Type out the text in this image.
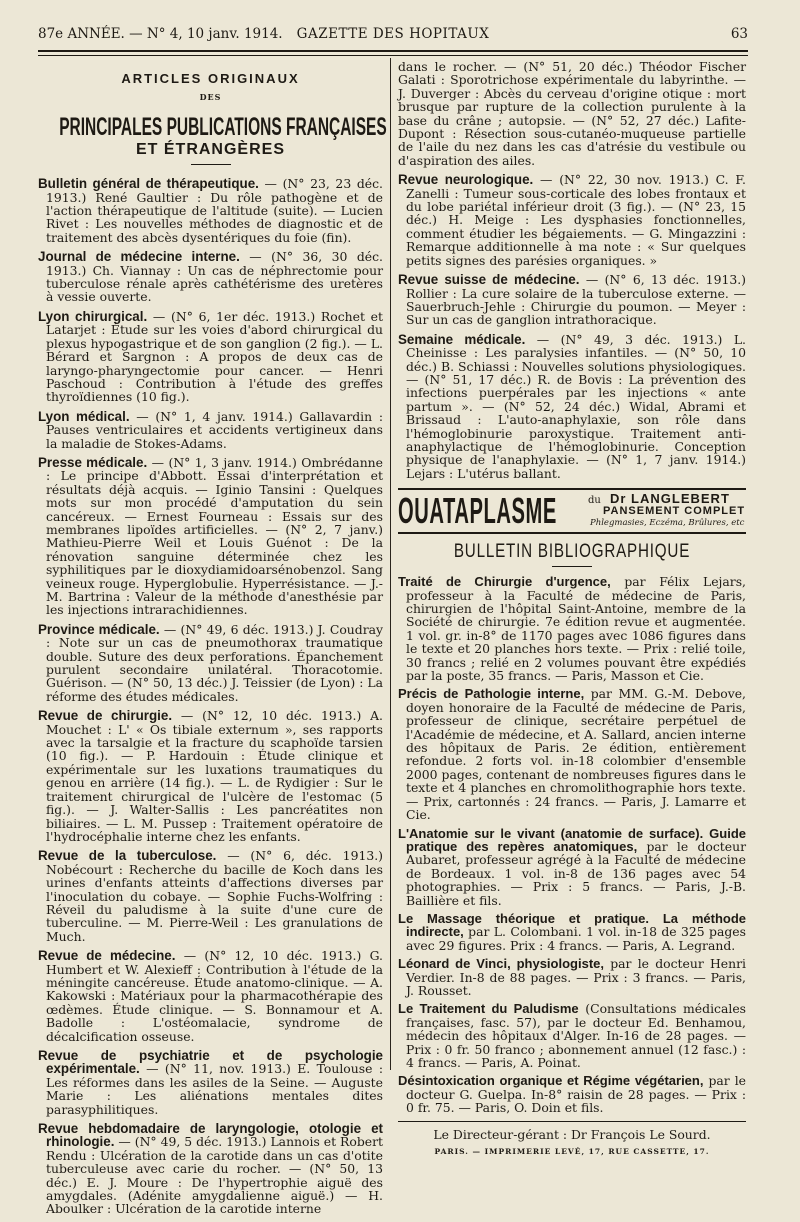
87e ANNÉE. — N° 4, 10 janv. 1914.	GAZETTE DES HOPITAUX	63
ARTICLES ORIGINAUX
DES
PRINCIPALES PUBLICATIONS FRANÇAISES
ET ÉTRANGÈRES
Bulletin général de thérapeutique. — (N° 23, 23 déc. 1913.) René Gaultier : Du rôle pathogène et de l'action thérapeutique de l'altitude (suite). — Lucien Rivet : Les nouvelles méthodes de diagnostic et de traitement des abcès dysentériques du foie (fin).
Journal de médecine interne. — (N° 36, 30 déc. 1913.) Ch. Viannay : Un cas de néphrectomie pour tuberculose rénale après cathétérisme des uretères à vessie ouverte.
Lyon chirurgical. — (N° 6, 1er déc. 1913.) Rochet et Latarjet : Étude sur les voies d'abord chirurgical du plexus hypogastrique et de son ganglion (2 fig.). — L. Bérard et Sargnon : A propos de deux cas de laryngo-pharyngectomie pour cancer. — Henri Paschoud : Contribution à l'étude des greffes thyroïdiennes (10 fig.).
Lyon médical. — (N° 1, 4 janv. 1914.) Gallavardin : Pauses ventriculaires et accidents vertigineux dans la maladie de Stokes-Adams.
Presse médicale. — (N° 1, 3 janv. 1914.) Ombrédanne : Le principe d'Abbott. Essai d'interprétation et résultats déjà acquis. — Iginio Tansini : Quelques mots sur mon procédé d'amputation du sein cancéreux. — Ernest Fourneau : Essais sur des membranes lipoïdes artificielles. — (N° 2, 7 janv.) Mathieu-Pierre Weil et Louis Guénot : De la rénovation sanguine déterminée chez les syphilitiques par le dioxydiamidoarsénobenzol. Sang veineux rouge. Hyperglobulie. Hyperrésistance. — J.-M. Bartrina : Valeur de la méthode d'anesthésie par les injections intrarachidiennes.
Province médicale. — (N° 49, 6 déc. 1913.) J. Coudray : Note sur un cas de pneumothorax traumatique double. Suture des deux perforations. Épanchement purulent secondaire unilatéral. Thoracotomie. Guérison. — (N° 50, 13 déc.) J. Teissier (de Lyon) : La réforme des études médicales.
Revue de chirurgie. — (N° 12, 10 déc. 1913.) A. Mouchet : L' « Os tibiale externum », ses rapports avec la tarsalgie et la fracture du scaphoïde tarsien (10 fig.). — P. Hardouin : Étude clinique et expérimentale sur les luxations traumatiques du genou en arrière (14 fig.). — L. de Rydigier : Sur le traitement chirurgical de l'ulcère de l'estomac (5 fig.). — J. Walter-Sallis : Les pancréatites non biliaires. — L. M. Pussep : Traitement opératoire de l'hydrocéphalie interne chez les enfants.
Revue de la tuberculose. — (N° 6, déc. 1913.) Nobécourt : Recherche du bacille de Koch dans les urines d'enfants atteints d'affections diverses par l'inoculation du cobaye. — Sophie Fuchs-Wolfring : Réveil du paludisme à la suite d'une cure de tuberculine. — M. Pierre-Weil : Les granulations de Much.
Revue de médecine. — (N° 12, 10 déc. 1913.) G. Humbert et W. Alexieff : Contribution à l'étude de la méningite cancéreuse. Étude anatomo-clinique. — A. Kakowski : Matériaux pour la pharmacothérapie des œdèmes. Étude clinique. — S. Bonnamour et A. Badolle : L'ostéomalacie, syndrome de décalcification osseuse.
Revue de psychiatrie et de psychologie expérimentale. — (N° 11, nov. 1913.) E. Toulouse : Les réformes dans les asiles de la Seine. — Auguste Marie : Les aliénations mentales dites parasyphilitiques.
Revue hebdomadaire de laryngologie, otologie et rhinologie. — (N° 49, 5 déc. 1913.) Lannois et Robert Rendu : Ulcération de la carotide dans un cas d'otite tuberculeuse avec carie du rocher. — (N° 50, 13 déc.) E. J. Moure : De l'hypertrophie aiguë des amygdales. (Adénite amygdalienne aiguë.) — H. Aboulker : Ulcération de la carotide interne
dans le rocher. — (N° 51, 20 déc.) Théodor Fischer Galati : Sporotrichose expérimentale du labyrinthe. — J. Duverger : Abcès du cerveau d'origine otique : mort brusque par rupture de la collection purulente à la base du crâne ; autopsie. — (N° 52, 27 déc.) Lafite-Dupont : Résection sous-cutanéo-muqueuse partielle de l'aile du nez dans les cas d'atrésie du vestibule ou d'aspiration des ailes.
Revue neurologique. — (N° 22, 30 nov. 1913.) C. F. Zanelli : Tumeur sous-corticale des lobes frontaux et du lobe pariétal inférieur droit (3 fig.). — (N° 23, 15 déc.) H. Meige : Les dysphasies fonctionnelles, comment étudier les bégaiements. — G. Mingazzini : Remarque additionnelle à ma note : « Sur quelques petits signes des parésies organiques. »
Revue suisse de médecine. — (N° 6, 13 déc. 1913.) Rollier : La cure solaire de la tuberculose externe. — Sauerbruch-Jehle : Chirurgie du poumon. — Meyer : Sur un cas de ganglion intrathoracique.
Semaine médicale. — (N° 49, 3 déc. 1913.) L. Cheinisse : Les paralysies infantiles. — (N° 50, 10 déc.) B. Schiassi : Nouvelles solutions physiologiques. — (N° 51, 17 déc.) R. de Bovis : La prévention des infections puerpérales par les injections « ante partum ». — (N° 52, 24 déc.) Widal, Abrami et Brissaud : L'auto-anaphylaxie, son rôle dans l'hémoglobinurie paroxystique. Traitement anti-anaphylactique de l'hémoglobinurie. Conception physique de l'anaphylaxie. — (N° 1, 7 janv. 1914.) Lejars : L'utérus ballant.
OUATAPLASME	du Dr LANGLEBERT
PANSEMENT COMPLET
Phlegmasies, Eczéma, Brûlures, etc
BULLETIN BIBLIOGRAPHIQUE
Traité de Chirurgie d'urgence, par Félix Lejars, professeur à la Faculté de médecine de Paris, chirurgien de l'hôpital Saint-Antoine, membre de la Société de chirurgie. 7e édition revue et augmentée. 1 vol. gr. in-8° de 1170 pages avec 1086 figures dans le texte et 20 planches hors texte. — Prix : relié toile, 30 francs ; relié en 2 volumes pouvant être expédiés par la poste, 35 francs. — Paris, Masson et Cie.
Précis de Pathologie interne, par MM. G.-M. Debove, doyen honoraire de la Faculté de médecine de Paris, professeur de clinique, secrétaire perpétuel de l'Académie de médecine, et A. Sallard, ancien interne des hôpitaux de Paris. 2e édition, entièrement refondue. 2 forts vol. in-18 colombier d'ensemble 2000 pages, contenant de nombreuses figures dans le texte et 4 planches en chromolithographie hors texte. — Prix, cartonnés : 24 francs. — Paris, J. Lamarre et Cie.
L'Anatomie sur le vivant (anatomie de surface). Guide pratique des repères anatomiques, par le docteur Aubaret, professeur agrégé à la Faculté de médecine de Bordeaux. 1 vol. in-8 de 136 pages avec 54 photographies. — Prix : 5 francs. — Paris, J.-B. Baillière et fils.
Le Massage théorique et pratique. La méthode indirecte, par L. Colombani. 1 vol. in-18 de 325 pages avec 29 figures. Prix : 4 francs. — Paris, A. Legrand.
Léonard de Vinci, physiologiste, par le docteur Henri Verdier. In-8 de 88 pages. — Prix : 3 francs. — Paris, J. Rousset.
Le Traitement du Paludisme (Consultations médicales françaises, fasc. 57), par le docteur Ed. Benhamou, médecin des hôpitaux d'Alger. In-16 de 28 pages. — Prix : 0 fr. 50 franco ; abonnement annuel (12 fasc.) : 4 francs. — Paris, A. Poinat.
Désintoxication organique et Régime végétarien, par le docteur G. Guelpa. In-8° raisin de 28 pages. — Prix : 0 fr. 75. — Paris, O. Doin et fils.
Le Directeur-gérant : Dr François Le Sourd.
PARIS. — IMPRIMERIE LEVÉ, 17, RUE CASSETTE, 17.
